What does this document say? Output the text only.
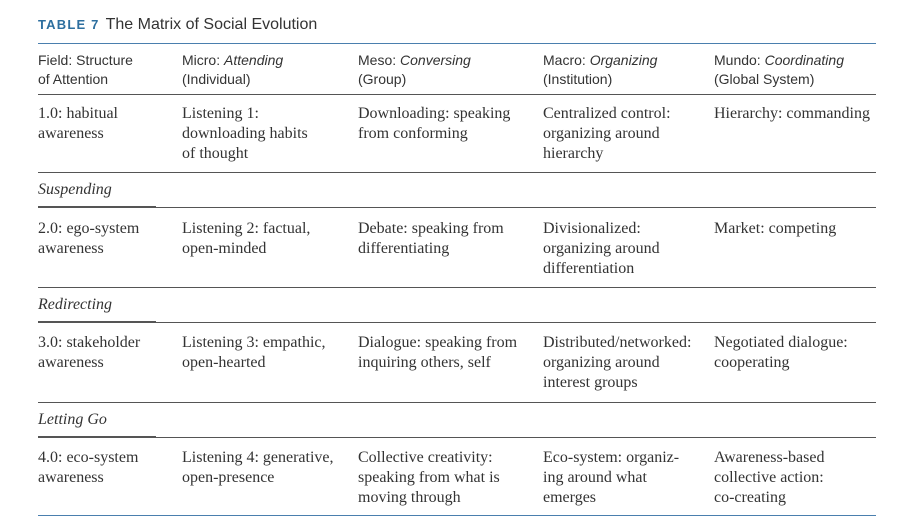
TABLE 7 The Matrix of Social Evolution
Field: Structure
of Attention
Micro: Attending
(Individual)
Meso: Conversing
(Group)
Macro: Organizing
(Institution)
Mundo: Coordinating
(Global System)
1.0: habitual
awareness
Listening 1:
downloading habits
of thought
Downloading: speaking
from conforming
Centralized control:
organizing around
hierarchy
Hierarchy: commanding
Suspending
2.0: ego-system
awareness
Listening 2: factual,
open-minded
Debate: speaking from
differentiating
Divisionalized:
organizing around
differentiation
Market: competing
Redirecting
3.0: stakeholder
awareness
Listening 3: empathic,
open-hearted
Dialogue: speaking from
inquiring others, self
Distributed/networked:
organizing around
interest groups
Negotiated dialogue:
cooperating
Letting Go
4.0: eco-system
awareness
Listening 4: generative,
open-presence
Collective creativity:
speaking from what is
moving through
Eco-system: organiz-
ing around what
emerges
Awareness-based
collective action:
co-creating
